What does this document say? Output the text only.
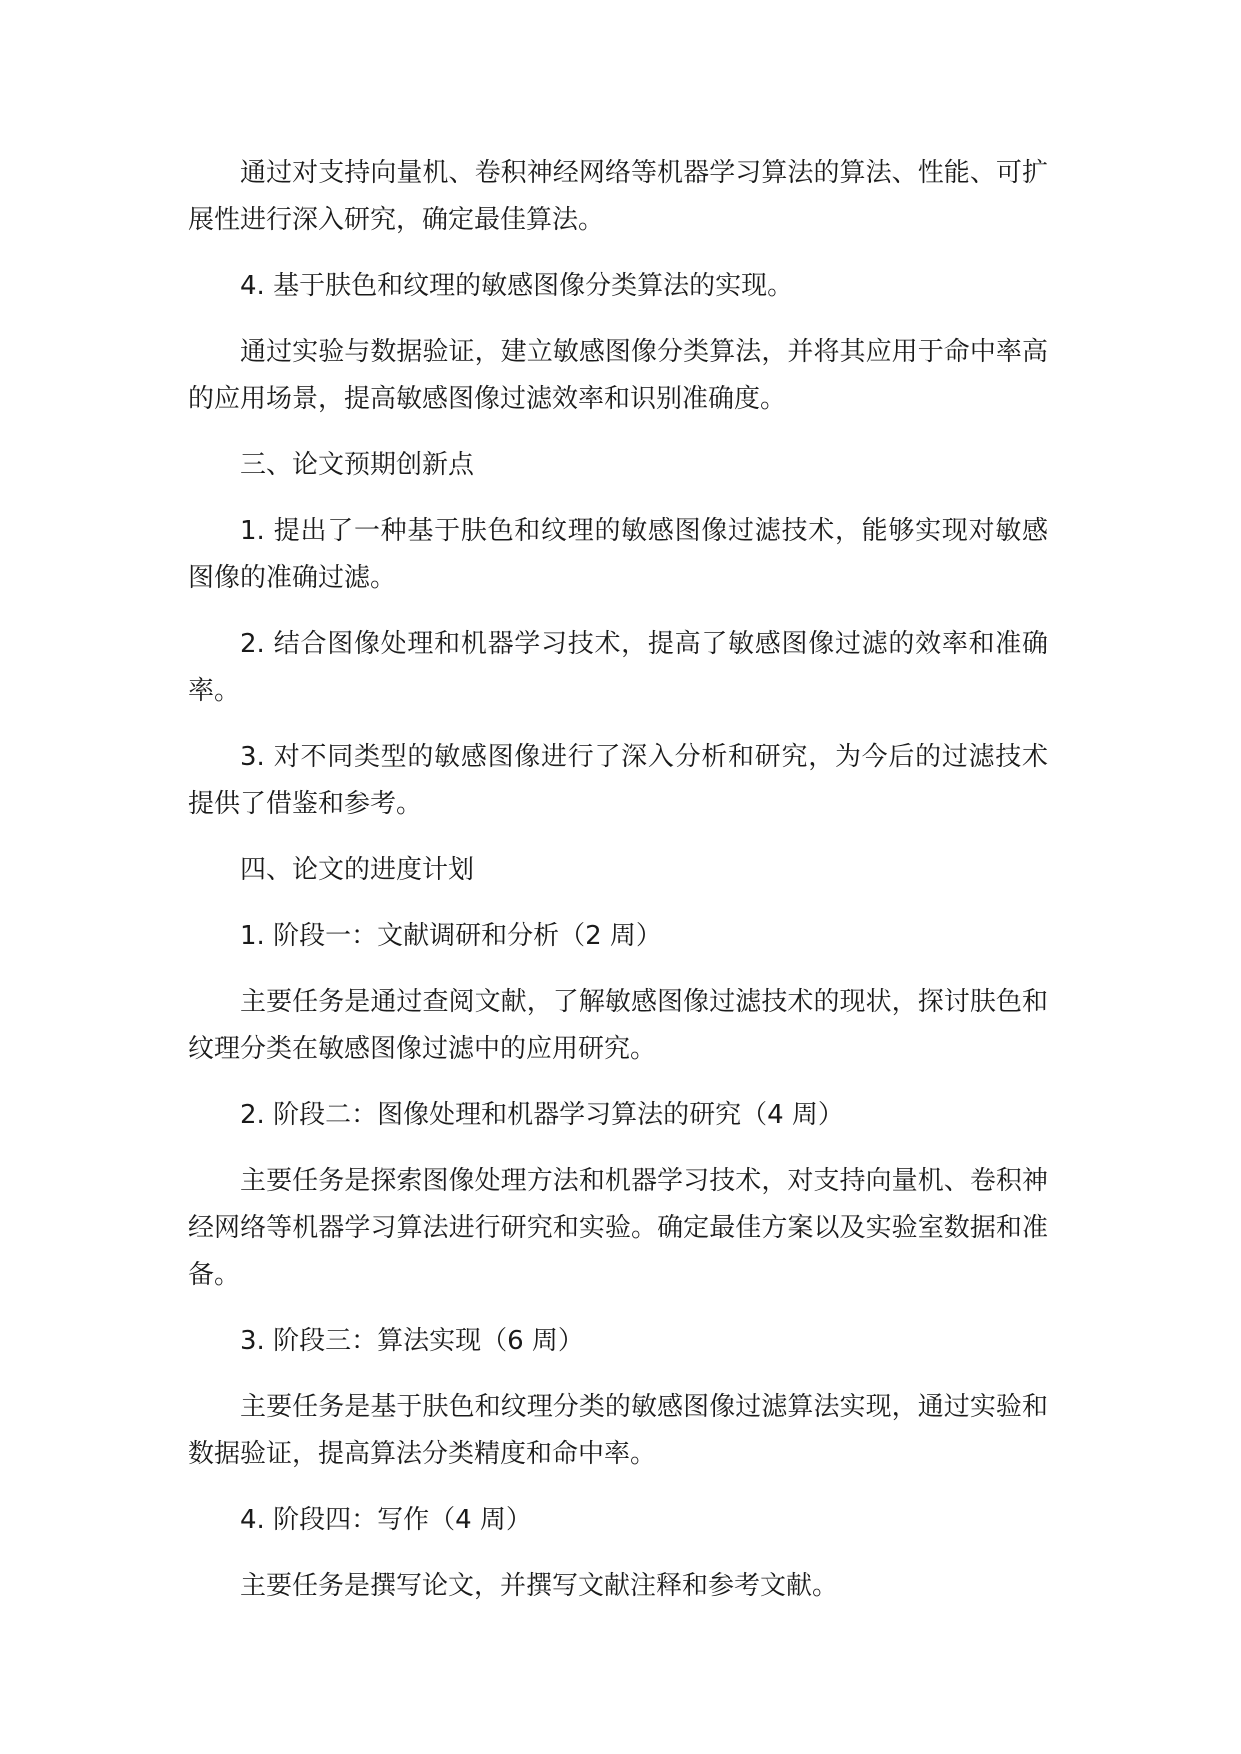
通过对支持向量机、卷积神经网络等机器学习算法的算法、性能、可扩展性进行深入研究，确定最佳算法。

4. 基于肤色和纹理的敏感图像分类算法的实现。

通过实验与数据验证，建立敏感图像分类算法，并将其应用于命中率高的应用场景，提高敏感图像过滤效率和识别准确度。

三、论文预期创新点

1. 提出了一种基于肤色和纹理的敏感图像过滤技术，能够实现对敏感图像的准确过滤。

2. 结合图像处理和机器学习技术，提高了敏感图像过滤的效率和准确率。

3. 对不同类型的敏感图像进行了深入分析和研究，为今后的过滤技术提供了借鉴和参考。

四、论文的进度计划

1. 阶段一：文献调研和分析（2 周）

主要任务是通过查阅文献，了解敏感图像过滤技术的现状，探讨肤色和纹理分类在敏感图像过滤中的应用研究。

2. 阶段二：图像处理和机器学习算法的研究（4 周）

主要任务是探索图像处理方法和机器学习技术，对支持向量机、卷积神经网络等机器学习算法进行研究和实验。确定最佳方案以及实验室数据和准备。

3. 阶段三：算法实现（6 周）

主要任务是基于肤色和纹理分类的敏感图像过滤算法实现，通过实验和数据验证，提高算法分类精度和命中率。

4. 阶段四：写作（4 周）

主要任务是撰写论文，并撰写文献注释和参考文献。
